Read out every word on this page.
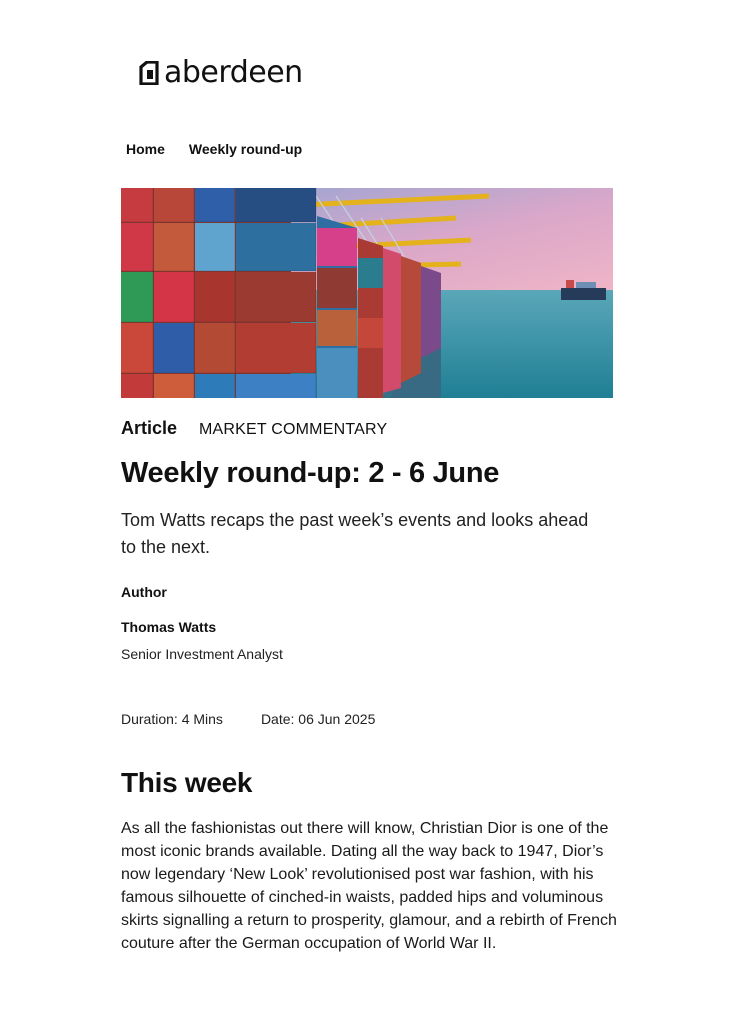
aberdeen
Home Weekly round-up
Article MARKET COMMENTARY
Weekly round-up: 2 - 6 June

Tom Watts recaps the past week’s events and looks ahead to the next.

Author
Thomas Watts
Senior Investment Analyst
Duration: 4 Mins	Date: 06 Jun 2025
This week

As all the fashionistas out there will know, Christian Dior is one of the most iconic brands available. Dating all the way back to 1947, Dior’s now legendary ‘New Look’ revolutionised post war fashion, with his famous silhouette of cinched-in waists, padded hips and voluminous skirts signalling a return to prosperity, glamour, and a rebirth of French couture after the German occupation of World War II.
